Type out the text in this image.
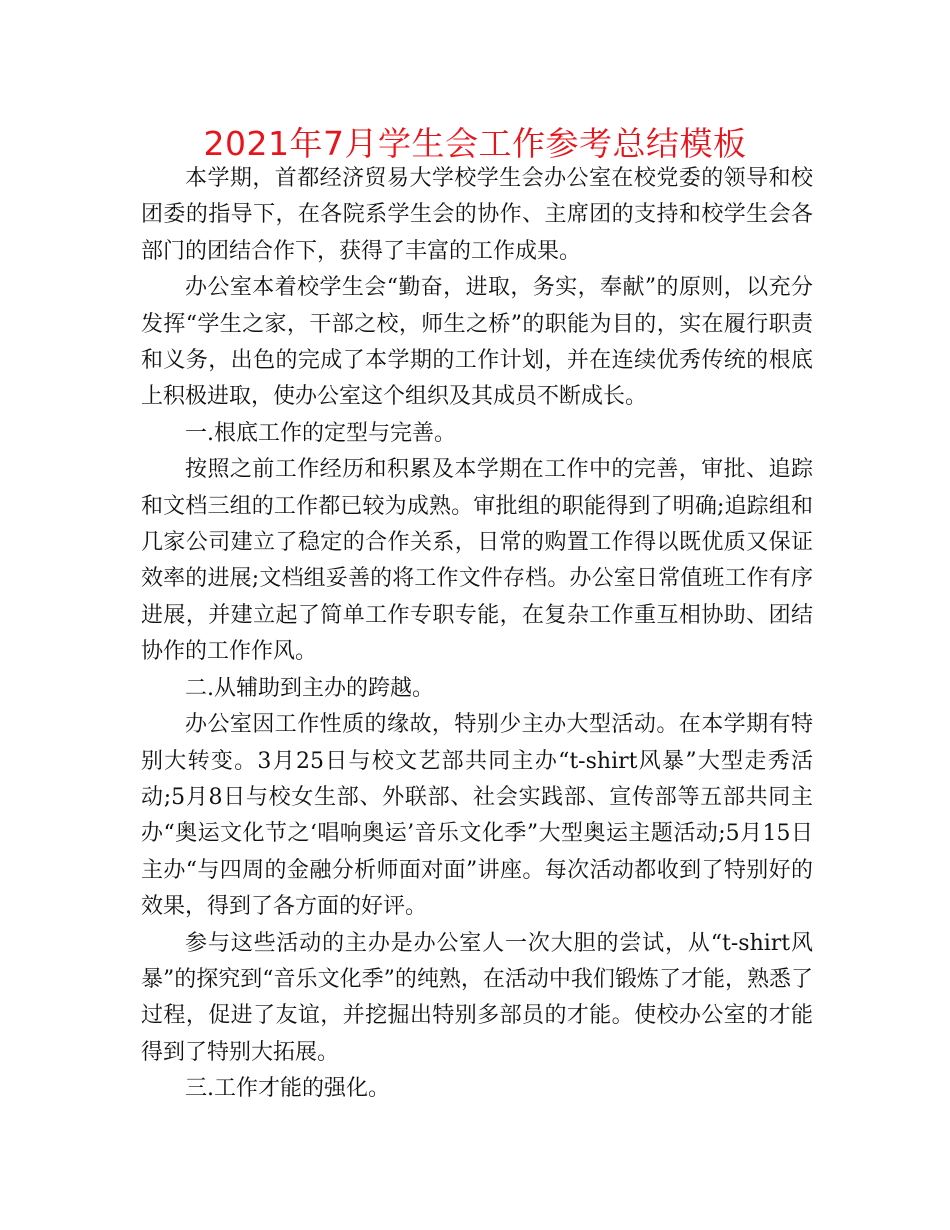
2021年7月学生会工作参考总结模板

本学期，首都经济贸易大学校学生会办公室在校党委的领导和校团委的指导下，在各院系学生会的协作、主席团的支持和校学生会各部门的团结合作下，获得了丰富的工作成果。

办公室本着校学生会“勤奋，进取，务实，奉献”的原则，以充分发挥“学生之家，干部之校，师生之桥”的职能为目的，实在履行职责和义务，出色的完成了本学期的工作计划，并在连续优秀传统的根底上积极进取，使办公室这个组织及其成员不断成长。

一.根底工作的定型与完善。

按照之前工作经历和积累及本学期在工作中的完善，审批、追踪和文档三组的工作都已较为成熟。审批组的职能得到了明确;追踪组和几家公司建立了稳定的合作关系，日常的购置工作得以既优质又保证效率的进展;文档组妥善的将工作文件存档。办公室日常值班工作有序进展，并建立起了简单工作专职专能，在复杂工作重互相协助、团结协作的工作作风。

二.从辅助到主办的跨越。

办公室因工作性质的缘故，特别少主办大型活动。在本学期有特别大转变。3月25日与校文艺部共同主办“t-shirt风暴”大型走秀活动;5月8日与校女生部、外联部、社会实践部、宣传部等五部共同主办“奥运文化节之‘唱响奥运’音乐文化季”大型奥运主题活动;5月15日主办“与四周的金融分析师面对面”讲座。每次活动都收到了特别好的效果，得到了各方面的好评。

参与这些活动的主办是办公室人一次大胆的尝试，从“t-shirt风暴”的探究到“音乐文化季”的纯熟，在活动中我们锻炼了才能，熟悉了过程，促进了友谊，并挖掘出特别多部员的才能。使校办公室的才能得到了特别大拓展。

三.工作才能的强化。
